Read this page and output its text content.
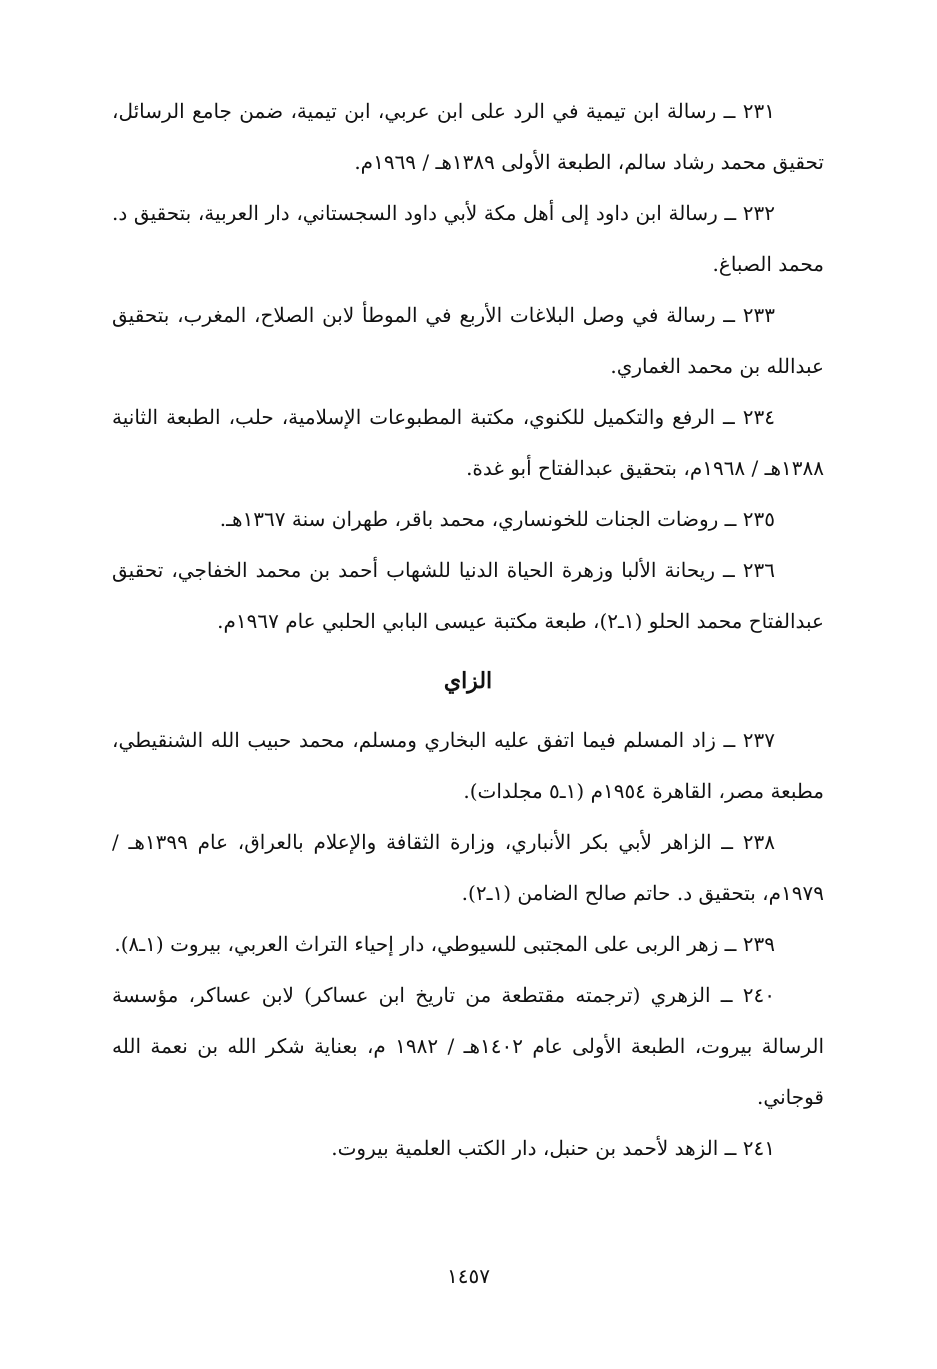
٢٣١ ــ رسالة ابن تيمية في الرد على ابن عربي، ابن تيمية، ضمن جامع الرسائل، تحقيق محمد رشاد سالم، الطبعة الأولى ١٣٨٩هـ / ١٩٦٩م.

٢٣٢ ــ رسالة ابن داود إلى أهل مكة لأبي داود السجستاني، دار العربية، بتحقيق د. محمد الصباغ.

٢٣٣ ــ رسالة في وصل البلاغات الأربع في الموطأ لابن الصلاح، المغرب، بتحقيق عبدالله بن محمد الغماري.

٢٣٤ ــ الرفع والتكميل للكنوي، مكتبة المطبوعات الإسلامية، حلب، الطبعة الثانية ١٣٨٨هـ / ١٩٦٨م، بتحقيق عبدالفتاح أبو غدة.

٢٣٥ ــ روضات الجنات للخونساري، محمد باقر، طهران سنة ١٣٦٧هـ.

٢٣٦ ــ ريحانة الألبا وزهرة الحياة الدنيا للشهاب أحمد بن محمد الخفاجي، تحقيق عبدالفتاح محمد الحلو (١ـ٢)، طبعة مكتبة عيسى البابي الحلبي عام ١٩٦٧م.

الزاي

٢٣٧ ــ زاد المسلم فيما اتفق عليه البخاري ومسلم، محمد حبيب الله الشنقيطي، مطبعة مصر، القاهرة ١٩٥٤م (١ـ٥ مجلدات).

٢٣٨ ــ الزاهر لأبي بكر الأنباري، وزارة الثقافة والإعلام بالعراق، عام ١٣٩٩هـ / ١٩٧٩م، بتحقيق د. حاتم صالح الضامن (١ـ٢).

٢٣٩ ــ زهر الربى على المجتبى للسيوطي، دار إحياء التراث العربي، بيروت (١ـ٨).

٢٤٠ ــ الزهري (ترجمته مقتطعة من تاريخ ابن عساكر) لابن عساكر، مؤسسة الرسالة بيروت، الطبعة الأولى عام ١٤٠٢هـ / ١٩٨٢ م، بعناية شكر الله بن نعمة الله قوجاني.

٢٤١ ــ الزهد لأحمد بن حنبل، دار الكتب العلمية بيروت.

١٤٥٧
